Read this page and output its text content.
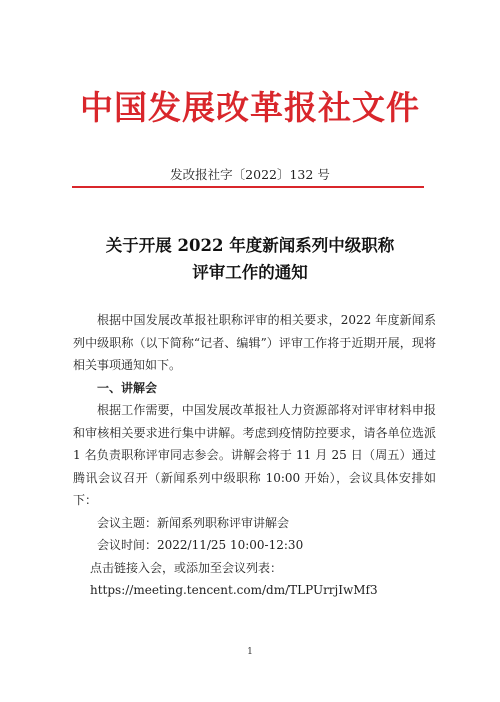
中国发展改革报社文件
发改报社字〔2022〕132 号
关于开展 2022 年度新闻系列中级职称
评审工作的通知

根据中国发展改革报社职称评审的相关要求，2022 年度新闻系列中级职称（以下简称“记者、编辑”）评审工作将于近期开展，现将相关事项通知如下。

一、讲解会

根据工作需要，中国发展改革报社人力资源部将对评审材料申报和审核相关要求进行集中讲解。考虑到疫情防控要求，请各单位选派 1 名负责职称评审同志参会。讲解会将于 11 月 25 日（周五）通过腾讯会议召开（新闻系列中级职称 10:00 开始），会议具体安排如下：

会议主题：新闻系列职称评审讲解会

会议时间：2022/11/25 10:00-12:30

点击链接入会，或添加至会议列表：

https://meeting.tencent.com/dm/TLPUrrjIwMf3

1
